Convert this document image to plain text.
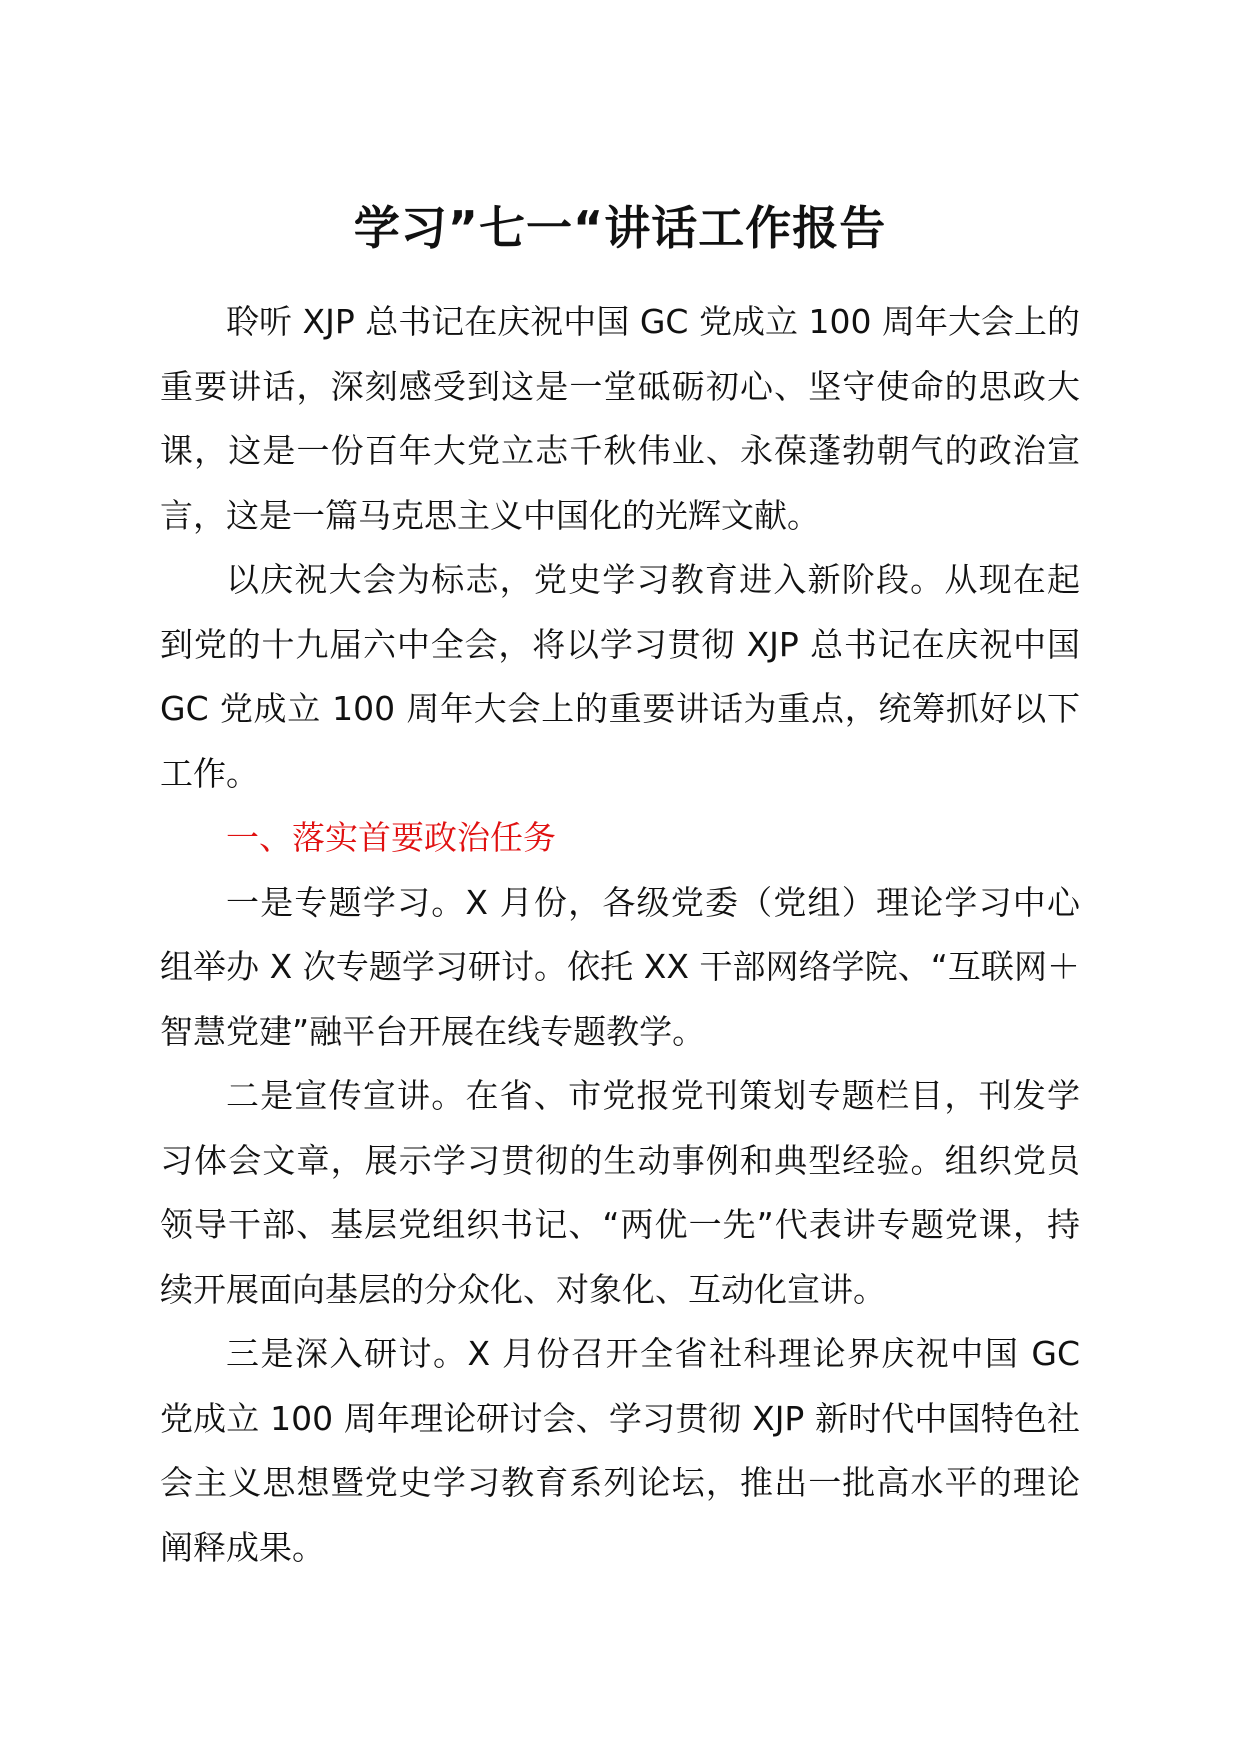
学习”七一“讲话工作报告

聆听 XJP 总书记在庆祝中国 GC 党成立 100 周年大会上的重要讲话，深刻感受到这是一堂砥砺初心、坚守使命的思政大课，这是一份百年大党立志千秋伟业、永葆蓬勃朝气的政治宣言，这是一篇马克思主义中国化的光辉文献。

以庆祝大会为标志，党史学习教育进入新阶段。从现在起到党的十九届六中全会，将以学习贯彻 XJP 总书记在庆祝中国 GC 党成立 100 周年大会上的重要讲话为重点，统筹抓好以下工作。

一、落实首要政治任务

一是专题学习。X 月份，各级党委（党组）理论学习中心组举办 X 次专题学习研讨。依托 XX 干部网络学院、“互联网＋智慧党建”融平台开展在线专题教学。

二是宣传宣讲。在省、市党报党刊策划专题栏目，刊发学习体会文章，展示学习贯彻的生动事例和典型经验。组织党员领导干部、基层党组织书记、“两优一先”代表讲专题党课，持续开展面向基层的分众化、对象化、互动化宣讲。

三是深入研讨。X 月份召开全省社科理论界庆祝中国 GC 党成立 100 周年理论研讨会、学习贯彻 XJP 新时代中国特色社会主义思想暨党史学习教育系列论坛，推出一批高水平的理论阐释成果。
